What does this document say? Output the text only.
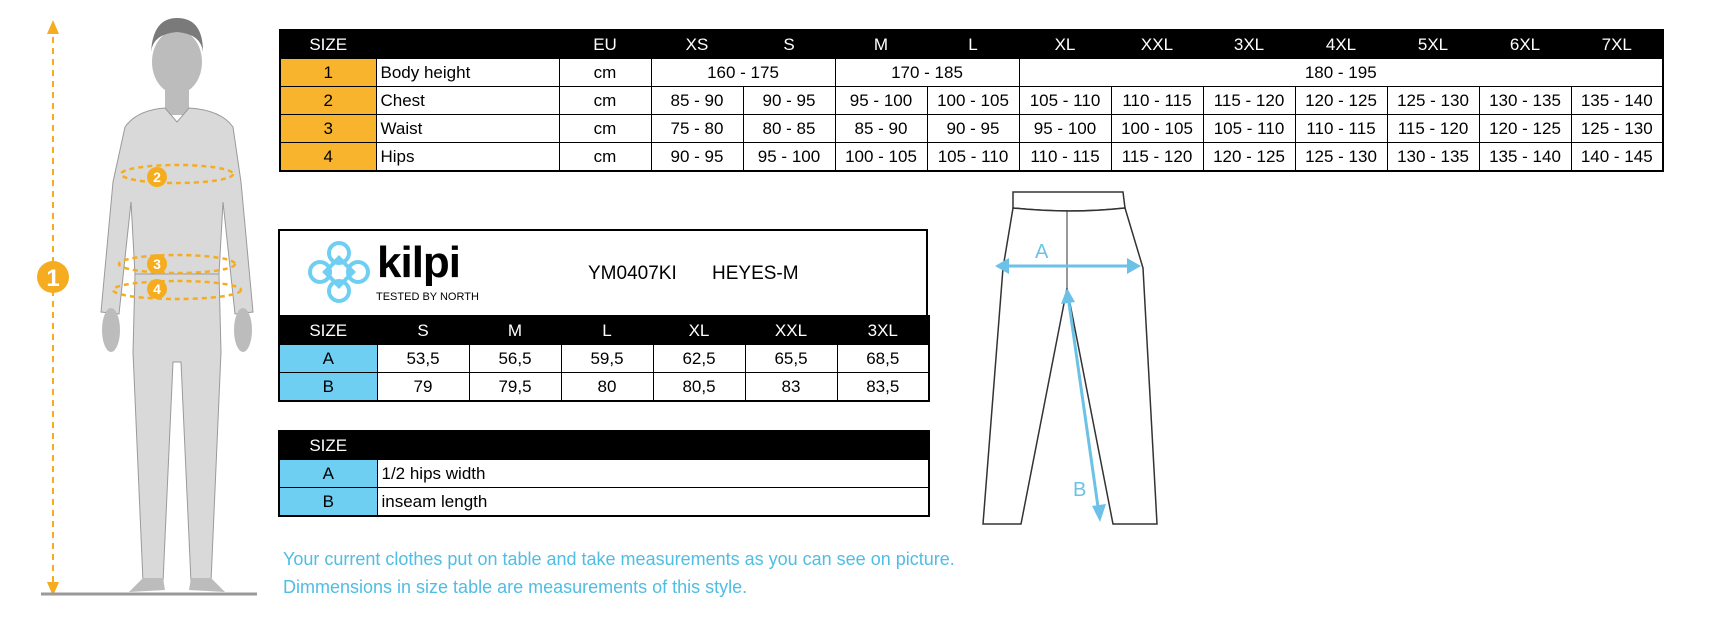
1
2
3
4
SIZE		EU	XS	S	M	L	XL	XXL	3XL	4XL	5XL	6XL	7XL
1	Body height	cm	160 - 175		170 - 185		180 - 195						
2	Chest	cm	85 - 90	90 - 95	95 - 100	100 - 105	105 - 110	110 - 115	115 - 120	120 - 125	125 - 130	130 - 135	135 - 140
3	Waist	cm	75 - 80	80 - 85	85 - 90	90 - 95	95 - 100	100 - 105	105 - 110	110 - 115	115 - 120	120 - 125	125 - 130
4	Hips	cm	90 - 95	95 - 100	100 - 105	105 - 110	110 - 115	115 - 120	120 - 125	125 - 130	130 - 135	135 - 140	140 - 145
kilpi
TESTED BY NORTH
YM0407KI HEYES-M
SIZE	S	M	L	XL	XXL	3XL
A	53,5	56,5	59,5	62,5	65,5	68,5
B	79	79,5	80	80,5	83	83,5
SIZE	
A	1/2 hips width
B	inseam length
A
B
Your current clothes put on table and take measurements as you can see on picture.
Dimmensions in size table are measurements of this style.
